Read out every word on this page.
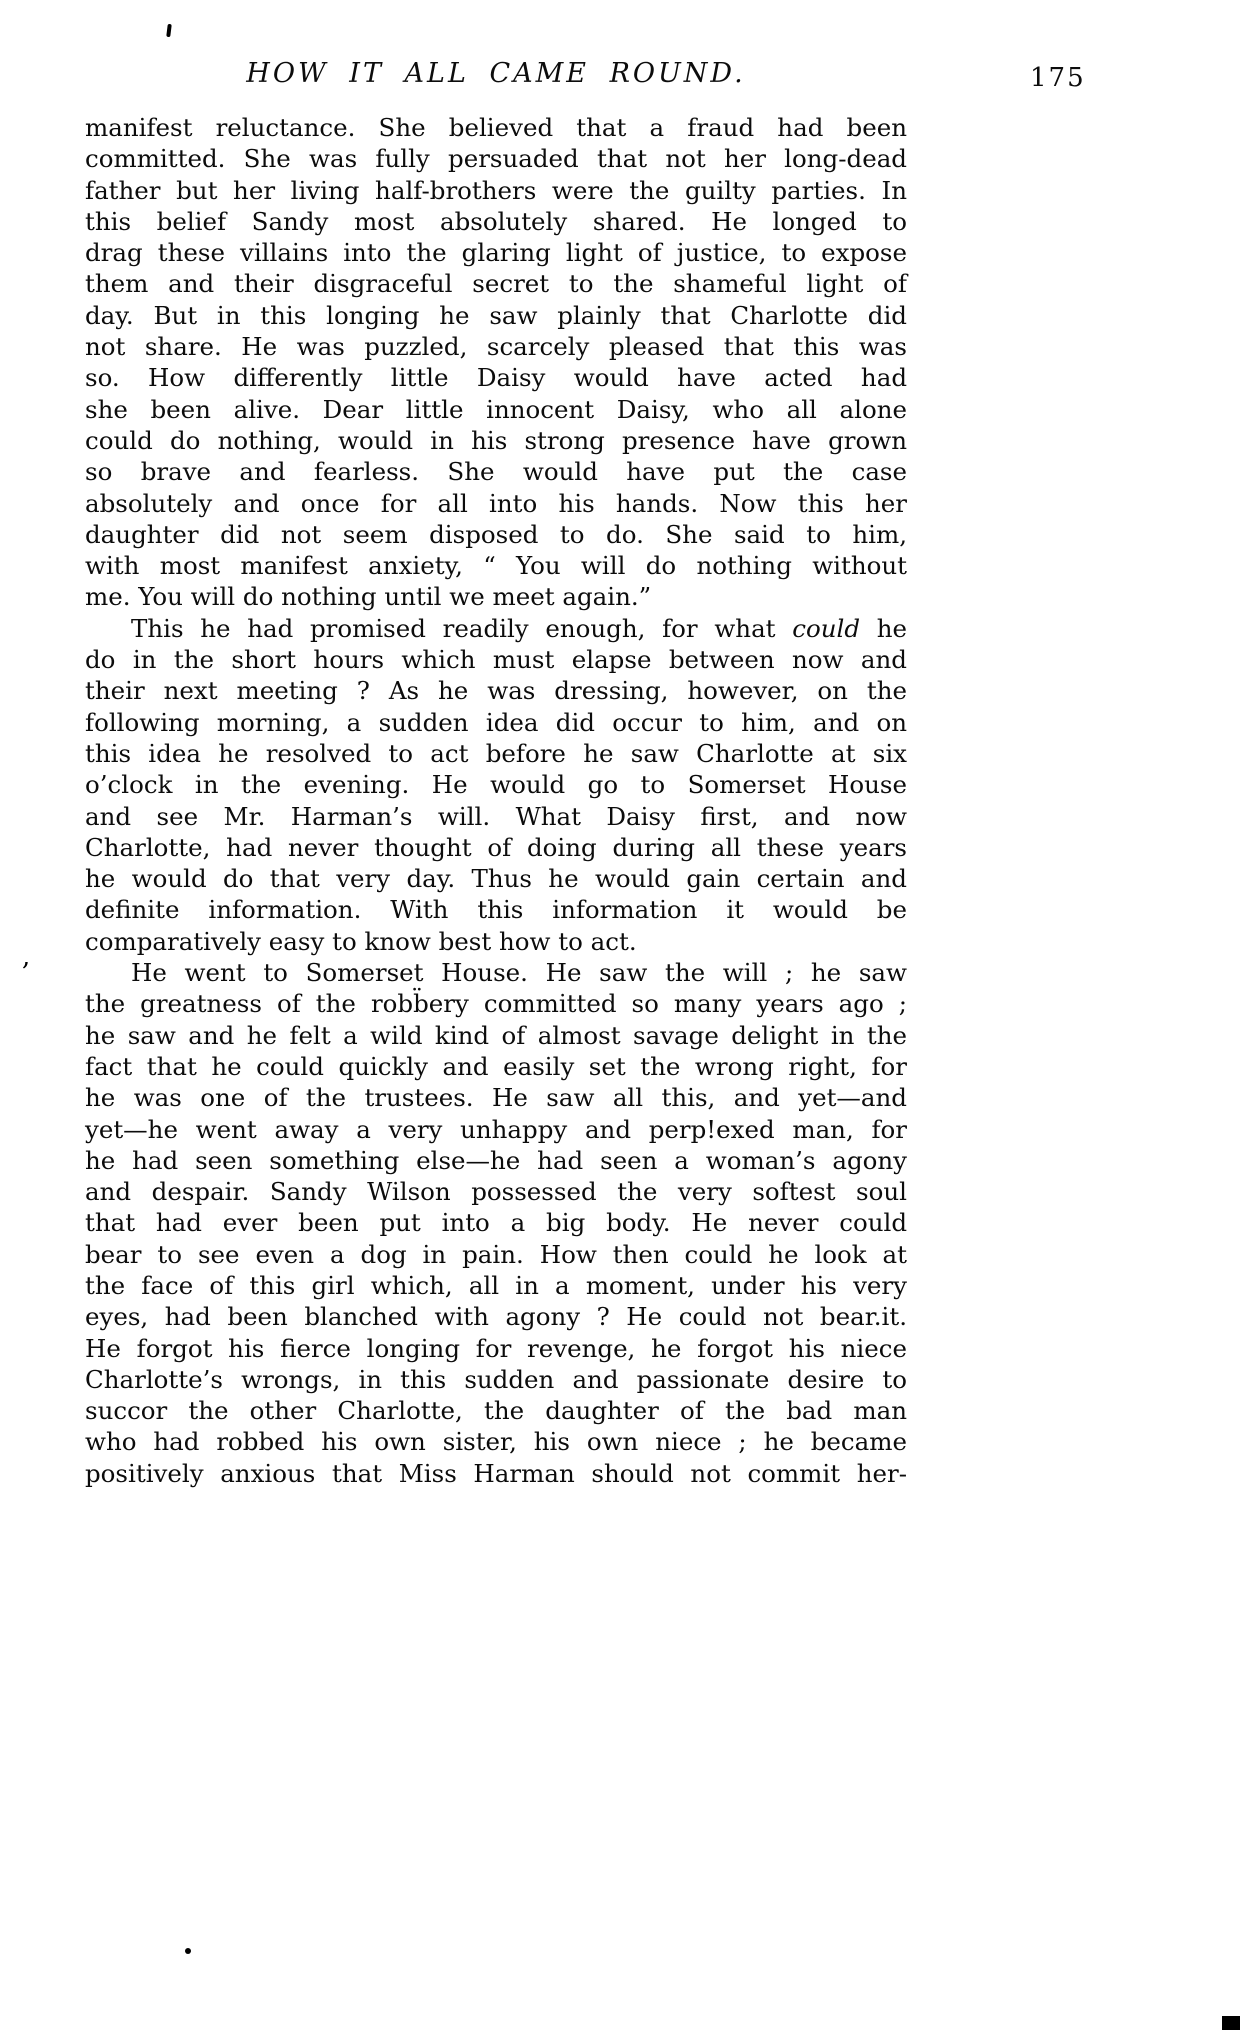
HOW IT ALL CAME ROUND.	175
,
manifest reluctance. She believed that a fraud had been
committed. She was fully persuaded that not her long-dead
father but her living half-brothers were the guilty parties. In
this belief Sandy most absolutely shared. He longed to
drag these villains into the glaring light of justice, to expose
them and their disgraceful secret to the shameful light of
day. But in this longing he saw plainly that Charlotte did
not share. He was puzzled, scarcely pleased that this was
so. How differently little Daisy would have acted had
she been alive. Dear little innocent Daisy, who all alone
could do nothing, would in his strong presence have grown
so brave and fearless. She would have put the case
absolutely and once for all into his hands. Now this her
daughter did not seem disposed to do. She said to him,
with most manifest anxiety, “ You will do nothing without
me. You will do nothing until we meet again.”
This he had promised readily enough, for what could he
do in the short hours which must elapse between now and
their next meeting ? As he was dressing, however, on the
following morning, a sudden idea did occur to him, and on
this idea he resolved to act before he saw Charlotte at six
o’clock in the evening. He would go to Somerset House
and see Mr. Harman’s will. What Daisy first, and now
Charlotte, had never thought of doing during all these years
he would do that very day. Thus he would gain certain and
definite information. With this information it would be
comparatively easy to know best how to act.
He went to Somerset House. He saw the will ; he saw
the greatness of the robb̈ery committed so many years ago ;
he saw and he felt a wild kind of almost savage delight in the
fact that he could quickly and easily set the wrong right, for
he was one of the trustees. He saw all this, and yet—and
yet—he went away a very unhappy and perp!exed man, for
he had seen something else—he had seen a woman’s agony
and despair. Sandy Wilson possessed the very softest soul
that had ever been put into a big body. He never could
bear to see even a dog in pain. How then could he look at
the face of this girl which, all in a moment, under his very
eyes, had been blanched with agony ? He could not bear.it.
He forgot his fierce longing for revenge, he forgot his niece
Charlotte’s wrongs, in this sudden and passionate desire to
succor the other Charlotte, the daughter of the bad man
who had robbed his own sister, his own niece ; he became
positively anxious that Miss Harman should not commit her-
